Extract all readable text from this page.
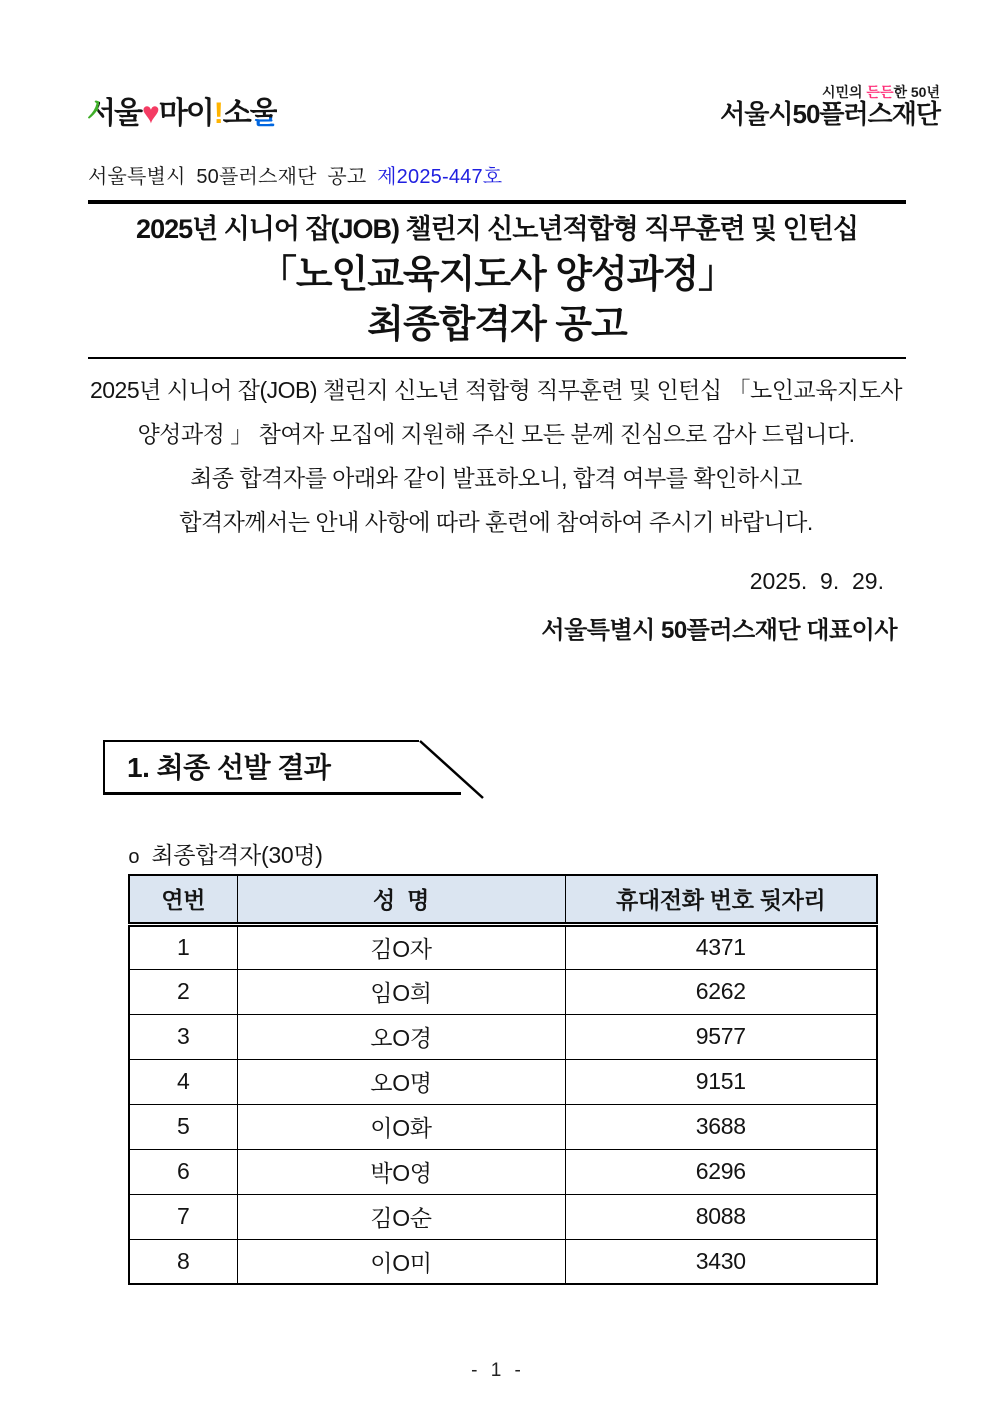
서울♥마이!소울
시민의 든든한 50년
서울시50플러스재단
서울특별시 50플러스재단 공고 제2025-447호
2025년 시니어 잡(JOB) 챌린지 신노년적합형 직무훈련 및 인턴십
「노인교육지도사 양성과정」
최종합격자 공고
2025년 시니어 잡(JOB) 챌린지 신노년 적합형 직무훈련 및 인턴십 「노인교육지도사
양성과정 」 참여자 모집에 지원해 주신 모든 분께 진심으로 감사 드립니다.
최종 합격자를 아래와 같이 발표하오니, 합격 여부를 확인하시고
합격자께서는 안내 사항에 따라 훈련에 참여하여 주시기 바랍니다.
2025.  9.  29.
서울특별시 50플러스재단 대표이사
1. 최종 선발 결과

o  최종합격자(30명)

연번	성  명	휴대전화 번호 뒷자리
1	김O자	4371
2	임O희	6262
3	오O경	9577
4	오O명	9151
5	이O화	3688
6	박O영	6296
7	김O순	8088
8	이O미	3430
- 1 -
